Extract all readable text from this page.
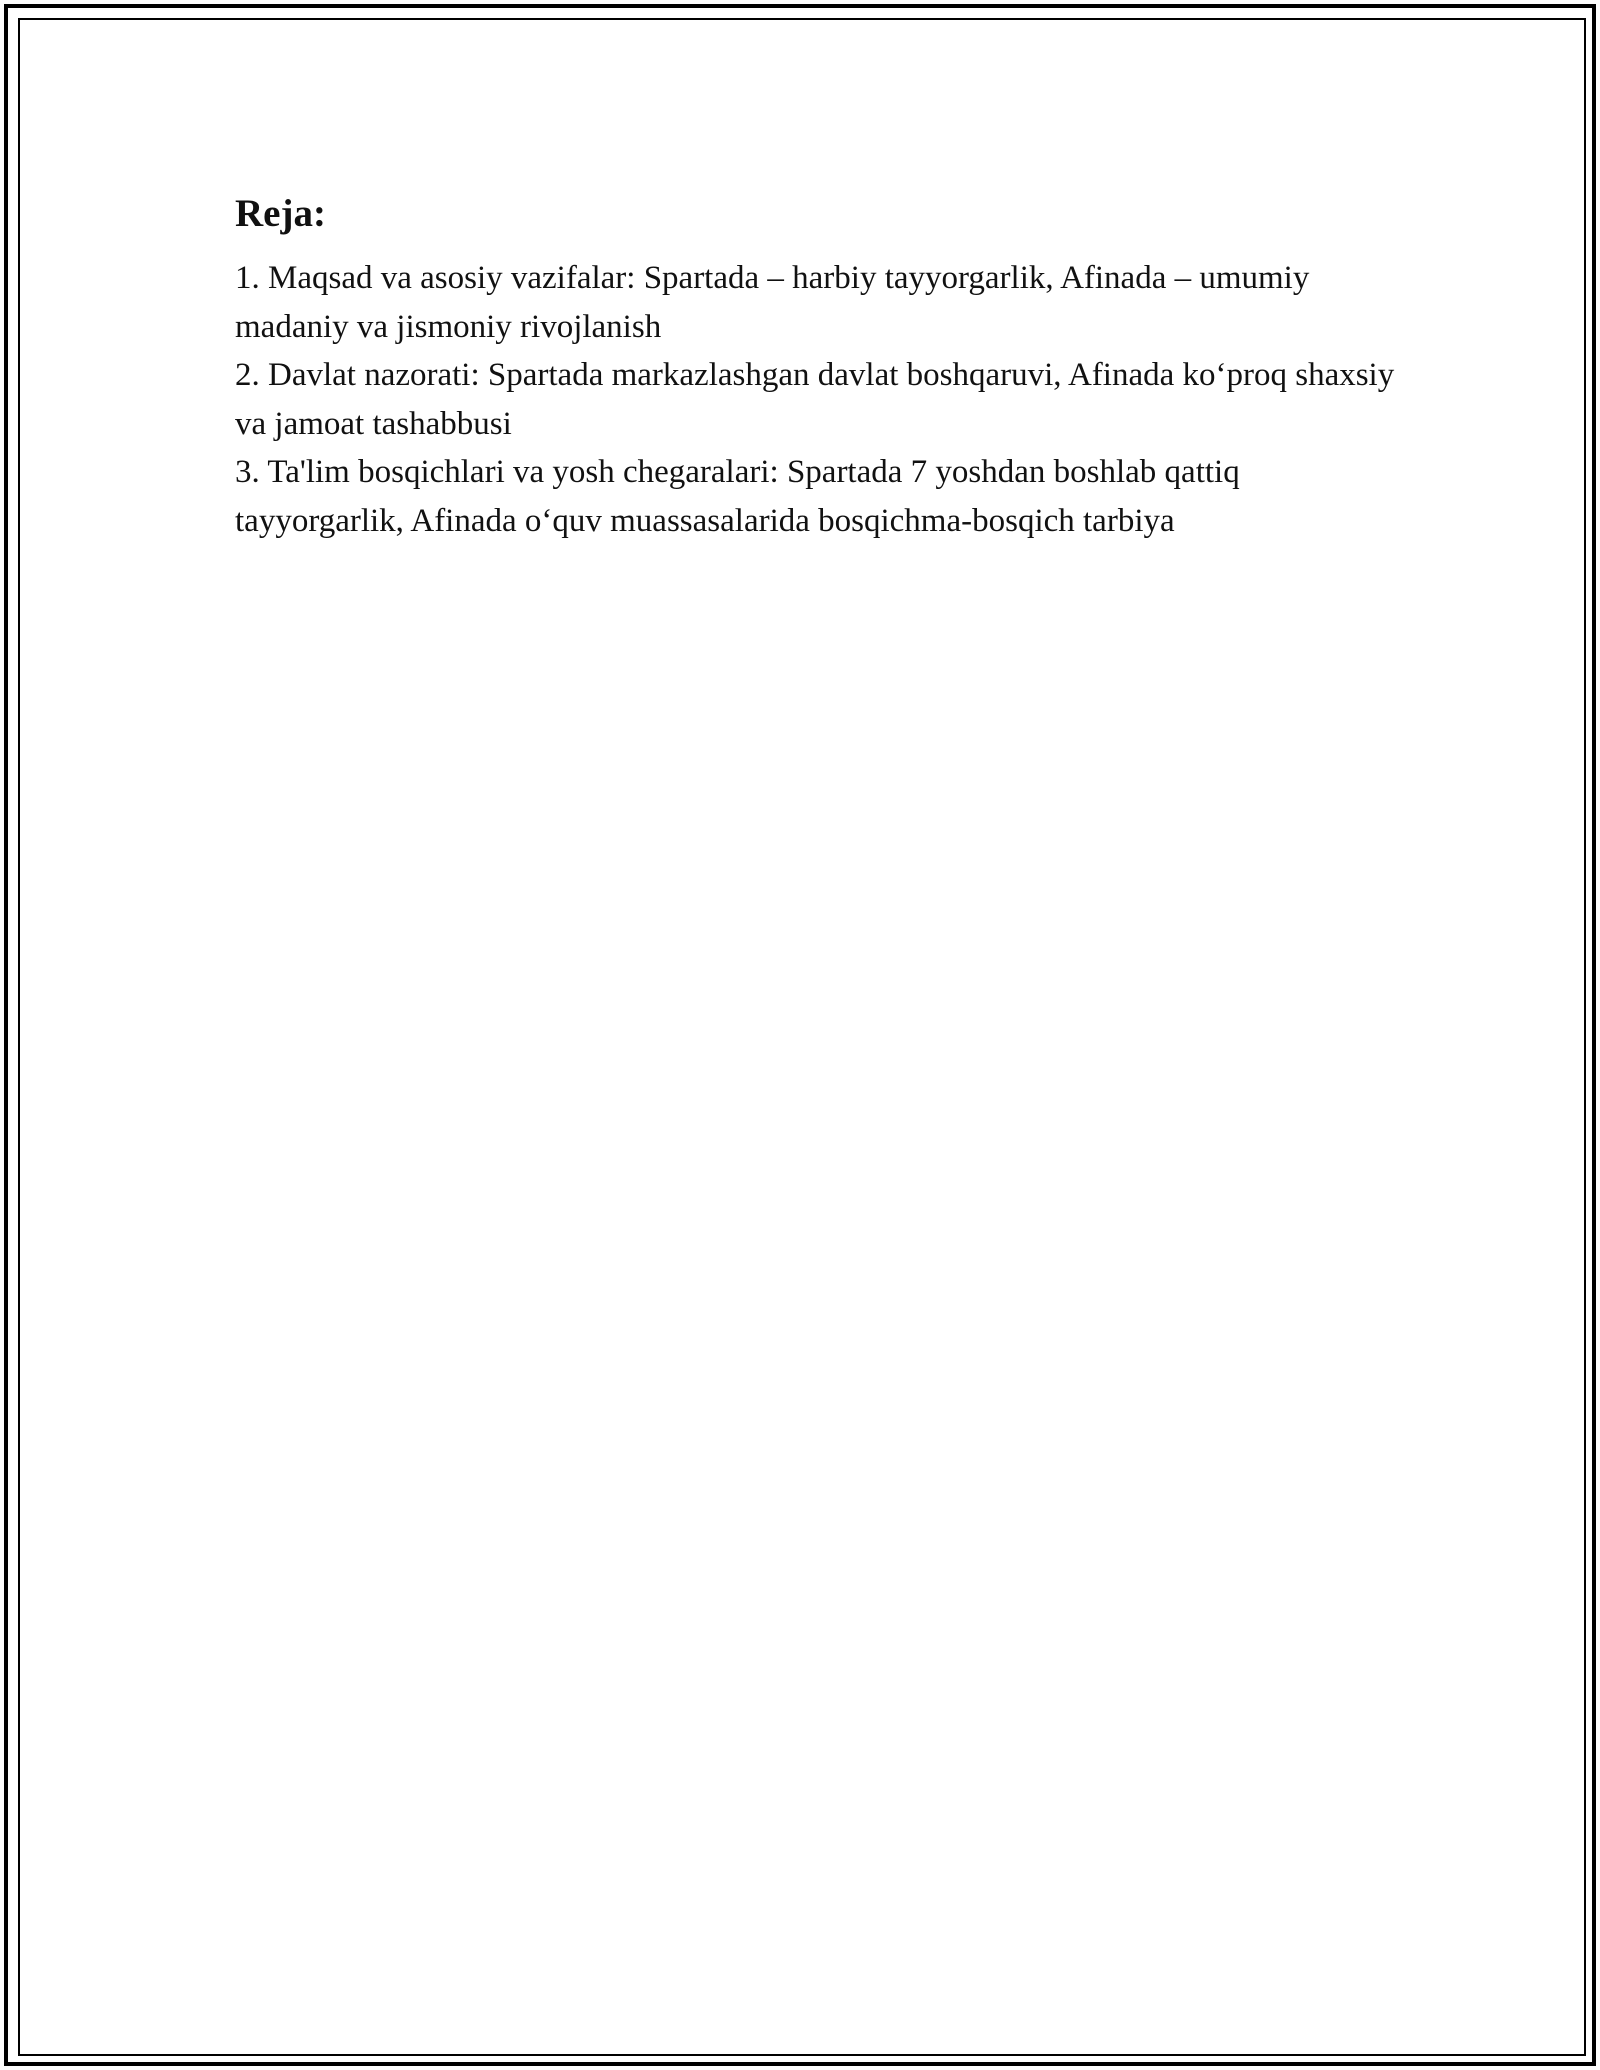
Reja:

1. Maqsad va asosiy vazifalar: Spartada – harbiy tayyorgarlik, Afinada – umumiy madaniy va jismoniy rivojlanish

2. Davlat nazorati: Spartada markazlashgan davlat boshqaruvi, Afinada ko‘proq shaxsiy va jamoat tashabbusi

3. Ta'lim bosqichlari va yosh chegaralari: Spartada 7 yoshdan boshlab qattiq tayyorgarlik, Afinada o‘quv muassasalarida bosqichma-bosqich tarbiya
